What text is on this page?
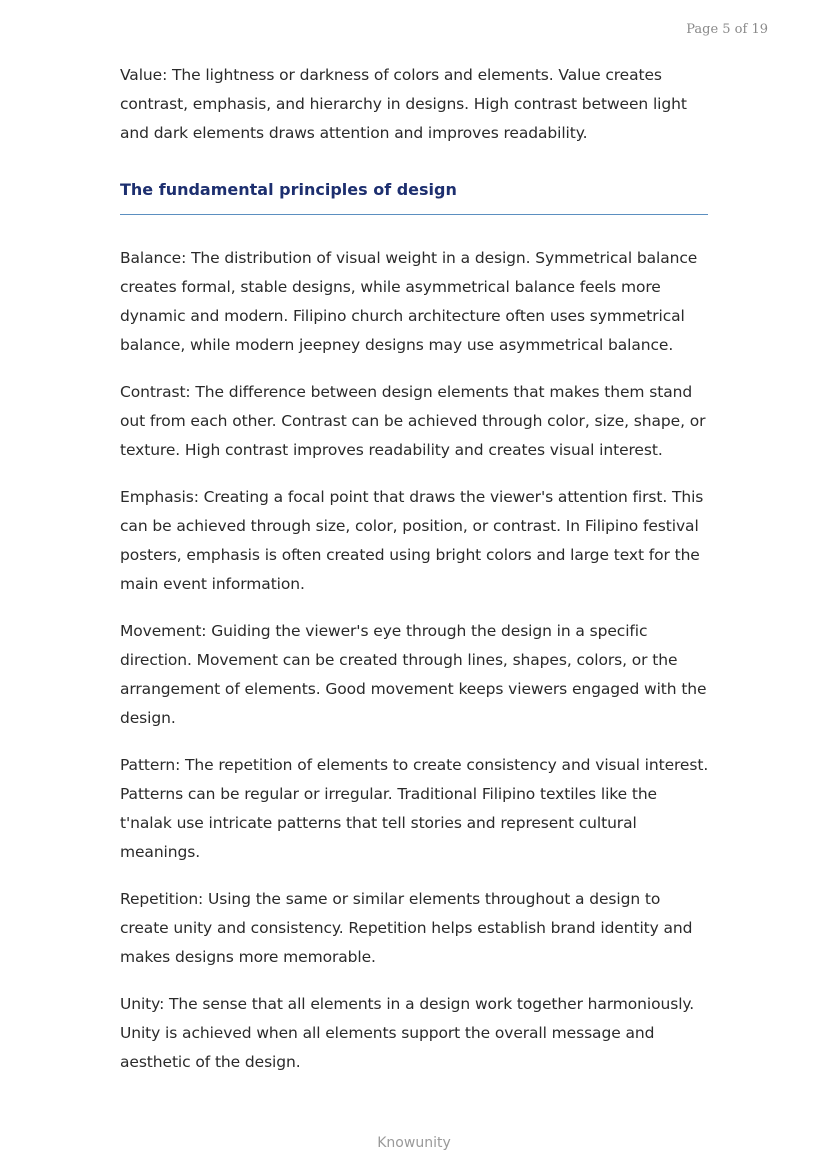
Page 5 of 19

Value: The lightness or darkness of colors and elements. Value creates contrast, emphasis, and hierarchy in designs. High contrast between light and dark elements draws attention and improves readability.

The fundamental principles of design

Balance: The distribution of visual weight in a design. Symmetrical balance creates formal, stable designs, while asymmetrical balance feels more dynamic and modern. Filipino church architecture often uses symmetrical balance, while modern jeepney designs may use asymmetrical balance.

Contrast: The difference between design elements that makes them stand out from each other. Contrast can be achieved through color, size, shape, or texture. High contrast improves readability and creates visual interest.

Emphasis: Creating a focal point that draws the viewer's attention first. This can be achieved through size, color, position, or contrast. In Filipino festival posters, emphasis is often created using bright colors and large text for the main event information.

Movement: Guiding the viewer's eye through the design in a specific direction. Movement can be created through lines, shapes, colors, or the arrangement of elements. Good movement keeps viewers engaged with the design.

Pattern: The repetition of elements to create consistency and visual interest. Patterns can be regular or irregular. Traditional Filipino textiles like the t'nalak use intricate patterns that tell stories and represent cultural meanings.

Repetition: Using the same or similar elements throughout a design to create unity and consistency. Repetition helps establish brand identity and makes designs more memorable.

Unity: The sense that all elements in a design work together harmoniously. Unity is achieved when all elements support the overall message and aesthetic of the design.

Knowunity
